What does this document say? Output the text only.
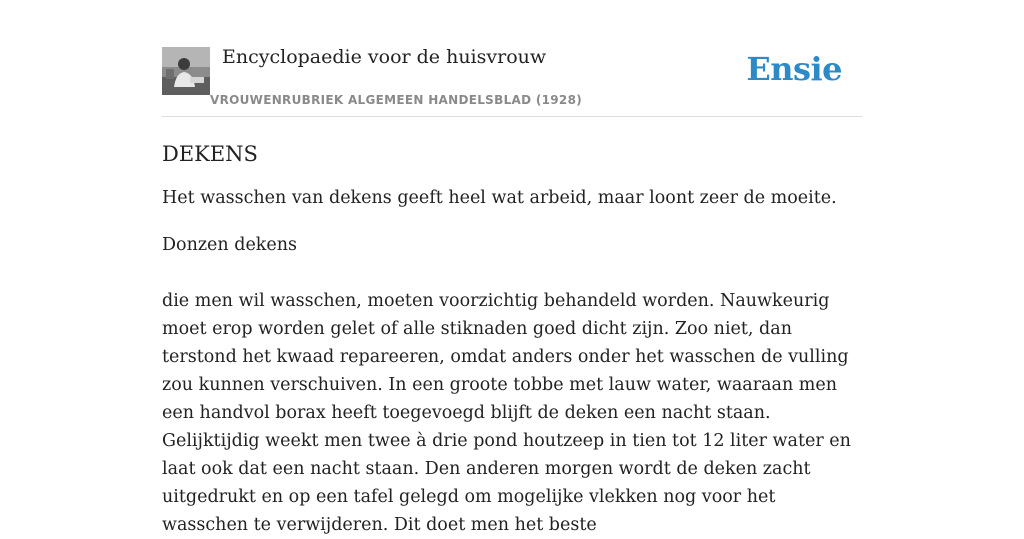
Encyclopaedie voor de huisvrouw
VROUWENRUBRIEK ALGEMEEN HANDELSBLAD (1928)
Ensie
DEKENS

Het wasschen van dekens geeft heel wat arbeid, maar loont zeer de moeite.

Donzen dekens

die men wil wasschen, moeten voorzichtig behandeld worden. Nauwkeurig moet erop worden gelet of alle stiknaden goed dicht zijn. Zoo niet, dan terstond het kwaad repareeren, omdat anders onder het wasschen de vulling zou kunnen verschuiven. In een groote tobbe met lauw water, waaraan men een handvol borax heeft toegevoegd blijft de deken een nacht staan. Gelijktijdig weekt men twee à drie pond houtzeep in tien tot 12 liter water en laat ook dat een nacht staan. Den anderen morgen wordt de deken zacht uitgedrukt en op een tafel gelegd om mogelijke vlekken nog voor het wasschen te verwijderen. Dit doet men het beste
